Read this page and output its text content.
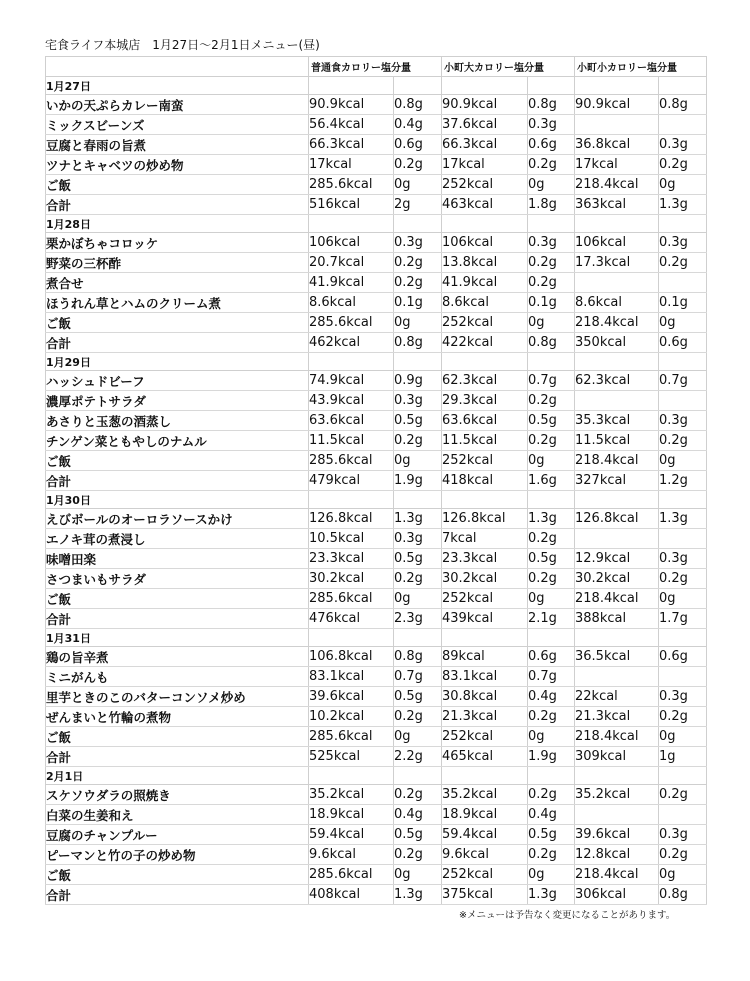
宅食ライフ本城店　1月27日〜2月1日メニュー(昼)
	普通食カロリー塩分量		小町大カロリー塩分量		小町小カロリー塩分量	
1月27日						
いかの天ぷらカレー南蛮	90.9kcal	0.8g	90.9kcal	0.8g	90.9kcal	0.8g
ミックスビーンズ	56.4kcal	0.4g	37.6kcal	0.3g		
豆腐と春雨の旨煮	66.3kcal	0.6g	66.3kcal	0.6g	36.8kcal	0.3g
ツナとキャベツの炒め物	17kcal	0.2g	17kcal	0.2g	17kcal	0.2g
ご飯	285.6kcal	0g	252kcal	0g	218.4kcal	0g
合計	516kcal	2g	463kcal	1.8g	363kcal	1.3g
1月28日						
栗かぼちゃコロッケ	106kcal	0.3g	106kcal	0.3g	106kcal	0.3g
野菜の三杯酢	20.7kcal	0.2g	13.8kcal	0.2g	17.3kcal	0.2g
煮合せ	41.9kcal	0.2g	41.9kcal	0.2g		
ほうれん草とハムのクリーム煮	8.6kcal	0.1g	8.6kcal	0.1g	8.6kcal	0.1g
ご飯	285.6kcal	0g	252kcal	0g	218.4kcal	0g
合計	462kcal	0.8g	422kcal	0.8g	350kcal	0.6g
1月29日						
ハッシュドビーフ	74.9kcal	0.9g	62.3kcal	0.7g	62.3kcal	0.7g
濃厚ポテトサラダ	43.9kcal	0.3g	29.3kcal	0.2g		
あさりと玉葱の酒蒸し	63.6kcal	0.5g	63.6kcal	0.5g	35.3kcal	0.3g
チンゲン菜ともやしのナムル	11.5kcal	0.2g	11.5kcal	0.2g	11.5kcal	0.2g
ご飯	285.6kcal	0g	252kcal	0g	218.4kcal	0g
合計	479kcal	1.9g	418kcal	1.6g	327kcal	1.2g
1月30日						
えびボールのオーロラソースかけ	126.8kcal	1.3g	126.8kcal	1.3g	126.8kcal	1.3g
エノキ茸の煮浸し	10.5kcal	0.3g	7kcal	0.2g		
味噌田楽	23.3kcal	0.5g	23.3kcal	0.5g	12.9kcal	0.3g
さつまいもサラダ	30.2kcal	0.2g	30.2kcal	0.2g	30.2kcal	0.2g
ご飯	285.6kcal	0g	252kcal	0g	218.4kcal	0g
合計	476kcal	2.3g	439kcal	2.1g	388kcal	1.7g
1月31日						
鶏の旨辛煮	106.8kcal	0.8g	89kcal	0.6g	36.5kcal	0.6g
ミニがんも	83.1kcal	0.7g	83.1kcal	0.7g		
里芋ときのこのバターコンソメ炒め	39.6kcal	0.5g	30.8kcal	0.4g	22kcal	0.3g
ぜんまいと竹輪の煮物	10.2kcal	0.2g	21.3kcal	0.2g	21.3kcal	0.2g
ご飯	285.6kcal	0g	252kcal	0g	218.4kcal	0g
合計	525kcal	2.2g	465kcal	1.9g	309kcal	1g
2月1日						
スケソウダラの照焼き	35.2kcal	0.2g	35.2kcal	0.2g	35.2kcal	0.2g
白菜の生姜和え	18.9kcal	0.4g	18.9kcal	0.4g		
豆腐のチャンプルー	59.4kcal	0.5g	59.4kcal	0.5g	39.6kcal	0.3g
ピーマンと竹の子の炒め物	9.6kcal	0.2g	9.6kcal	0.2g	12.8kcal	0.2g
ご飯	285.6kcal	0g	252kcal	0g	218.4kcal	0g
合計	408kcal	1.3g	375kcal	1.3g	306kcal	0.8g
※メニューは予告なく変更になることがあります。
